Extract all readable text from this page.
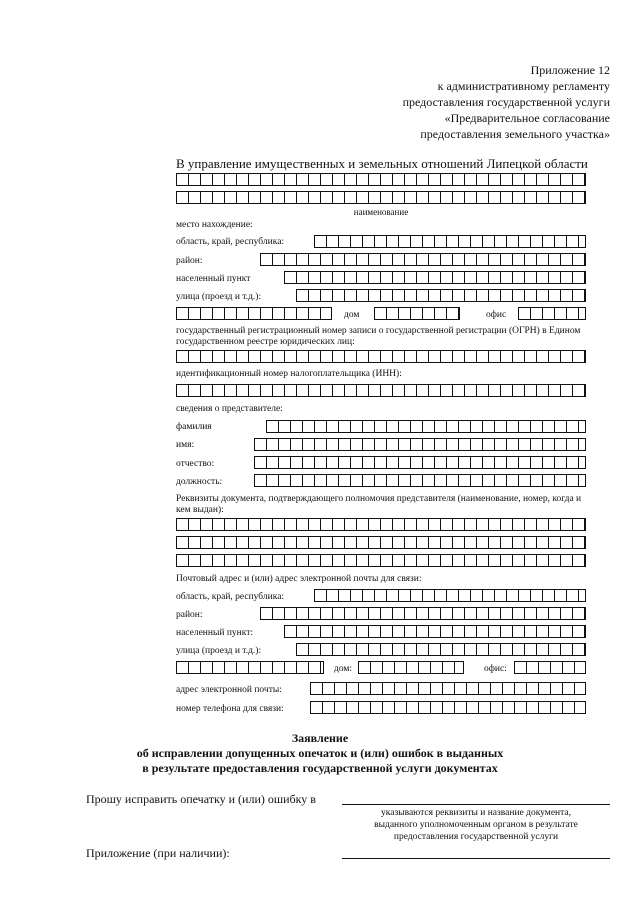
Приложение 12
к административному регламенту
предоставления государственной услуги
«Предварительное согласование
предоставления земельного участка»
В управление имущественных и земельных отношений Липецкой области
наименование
место нахождение:
область, край, республика:
район:
населенный пункт
улица (проезд и т.д.):
дом	офис
государственный регистрационный номер записи о государственной регистрации (ОГРН) в Едином государственном реестре юридических лиц:
идентификационный номер налогоплательщика (ИНН):
сведения о представителе:
фамилия
имя:
отчество:
должность:
Реквизиты документа, подтверждающего полномочия представителя (наименование, номер, когда и кем выдан):
Почтовый адрес и (или) адрес электронной почты для связи:
область, край, республика:
район:
населенный пункт:
улица (проезд и т.д.):
дом:	офис:
адрес электронной почты:
номер телефона для связи:
Заявление
об исправлении допущенных опечаток и (или) ошибок в выданных
в результате предоставления государственной услуги документах
Прошу исправить опечатку и (или) ошибку в
указываются реквизиты и название документа,
выданного уполномоченным органом в результате
предоставления государственной услуги
Приложение (при наличии):
